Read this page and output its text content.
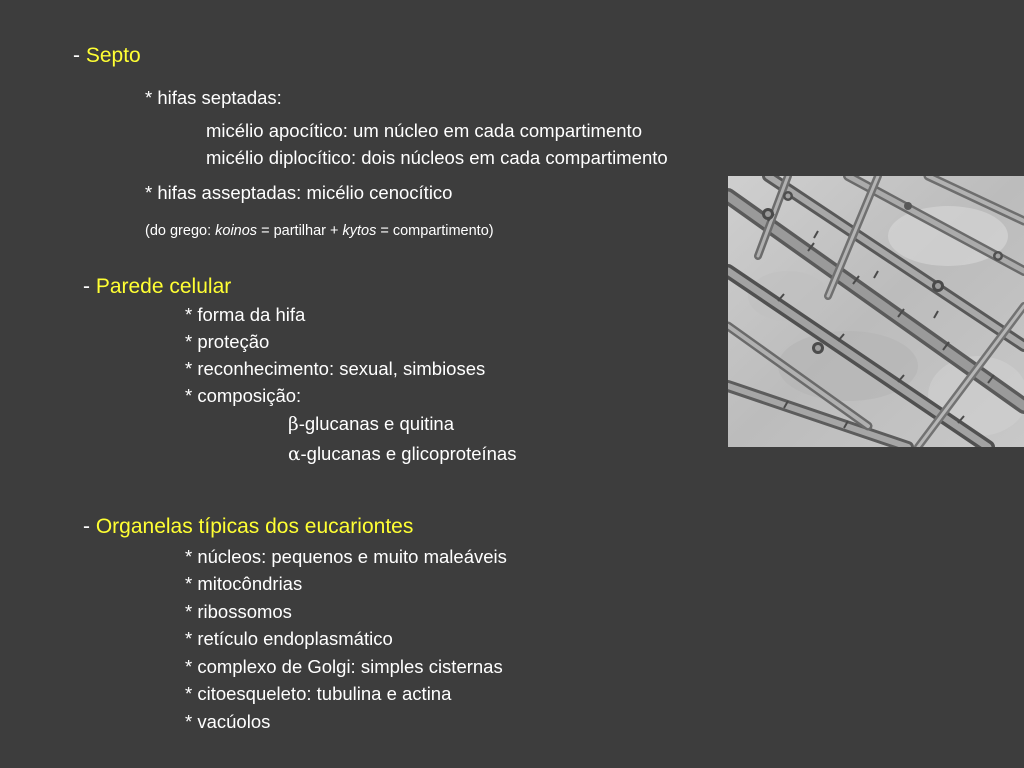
- Septo
* hifas septadas:
micélio apocítico: um núcleo em cada compartimento
micélio diplocítico: dois núcleos em cada compartimento
* hifas asseptadas: micélio cenocítico
(do grego: koinos = partilhar + kytos = compartimento)
- Parede celular
* forma da hifa
* proteção
* reconhecimento: sexual, simbioses
* composição:
β-glucanas e quitina
α-glucanas e glicoproteínas
- Organelas típicas dos eucariontes
* núcleos: pequenos e muito maleáveis
* mitocôndrias
* ribossomos
* retículo endoplasmático
* complexo de Golgi: simples cisternas
* citoesqueleto: tubulina e actina
* vacúolos
